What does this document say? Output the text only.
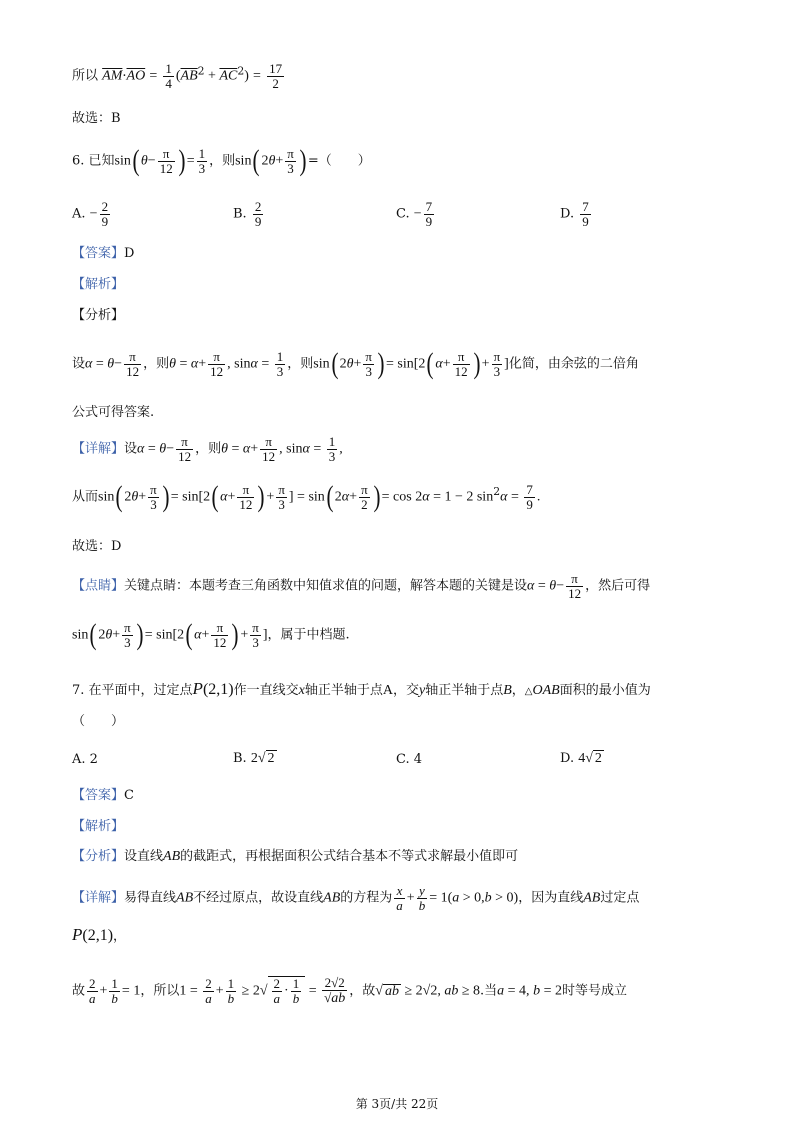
所以 $\overline{AM}\cdot\overline{AO} = \frac{1}{4} (\overline{AB}^2 + \overline{AC}^2) = \frac{17}{2}$
故选：B
6. 已知sin( $\theta- \frac{\pi}{12}$ ) = $\frac{1}{3}$ ，则sin( $2\theta+ \frac{\pi}{3}$ ) =（　　）
A. − $\frac{2}{9}$	B. $\frac{2}{9}$	C. − $\frac{7}{9}$	D. $\frac{7}{9}$
【答案】D
【解析】
【分析】
设$\alpha = \theta- \frac{\pi}{12}$ ，则$\theta = \alpha+ \frac{\pi}{12}$ , $\sin\alpha = \frac{1}{3}$ ，则sin( $2\theta+ \frac{\pi}{3}$ ) = sin[2( $\alpha+ \frac{\pi}{12}$ ) + $\frac{\pi}{3}$ ]化简，由余弦的二倍角
公式可得答案.
【详解】设$\alpha = \theta- \frac{\pi}{12}$ ，则$\theta = \alpha+ \frac{\pi}{12}$ , $\sin\alpha = \frac{1}{3}$ ,
从而sin( $2\theta+ \frac{\pi}{3}$ ) = sin[2( $\alpha+ \frac{\pi}{12}$ ) + $\frac{\pi}{3}$ ] = sin( $2\alpha+ \frac{\pi}{2}$ ) = cos 2α = 1 − 2 $\sin^2\alpha = \frac{7}{9}$ .
故选：D
【点睛】关键点睛：本题考查三角函数中知值求值的问题，解答本题的关键是设$\alpha = \theta- \frac{\pi}{12}$ ，然后可得
sin( $2\theta+ \frac{\pi}{3}$ ) = sin[2( $\alpha+ \frac{\pi}{12}$ ) + $\frac{\pi}{3}$ ]，属于中档题.
7. 在平面中，过定点P(2,1)作一直线交x轴正半轴于点A，交y轴正半轴于点B，△OAB面积的最小值为
（　　）
A. 2	B. 2√ 2	C. 4	D. 4√ 2
【答案】C
【解析】
【分析】设直线AB的截距式，再根据面积公式结合基本不等式求解最小值即可
【详解】易得直线AB不经过原点，故设直线AB的方程为 $\frac{x}{a} + \frac{y}{b} = 1(a > 0,b > 0)$，因为直线AB过定点
P(2,1)，
故 $\frac{2}{a} + \frac{1}{b} = 1$，所以$1 = \frac{2}{a} + \frac{1}{b} \ge 2√ \frac{2}{a} \cdot \frac{1}{b} = \frac{2√2}{√ab}$ ，故√ ab ≥ 2√2, ab ≥ 8.当a = 4, b = 2时等号成立
第 3页/共 22页
